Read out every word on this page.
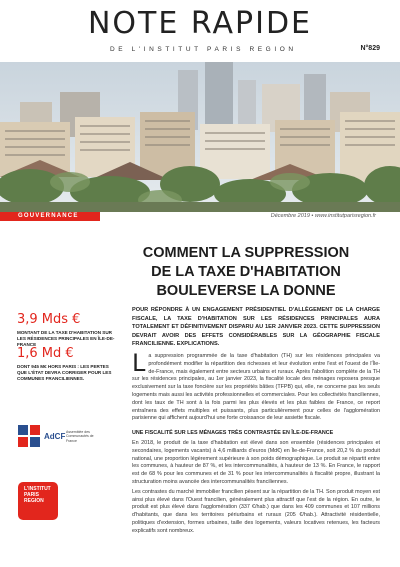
NOTE RAPIDE
DE L'INSTITUT PARIS REGION	N°829
GOUVERNANCE	Décembre 2019 • www.institutparisregion.fr
3,9 Mds €
MONTANT DE LA TAXE D'HABITATION SUR LES RÉSIDENCES PRINCIPALES EN ÎLE-DE-FRANCE
1,6 Md €
DONT 945 M€ HORS PARIS : LES PERTES QUE L'ÉTAT DEVRA CORRIGER POUR LES COMMUNES FRANCILIENNES.
COMMENT LA SUPPRESSION
DE LA TAXE D'HABITATION
BOULEVERSE LA DONNE
POUR RÉPONDRE À UN ENGAGEMENT PRÉSIDENTIEL D'ALLÈGEMENT DE LA CHARGE FISCALE, LA TAXE D'HABITATION SUR LES RÉSIDENCES PRINCIPALES AURA TOTALEMENT ET DÉFINITIVEMENT DISPARU AU 1ER JANVIER 2023. CETTE SUPPRESSION DEVRAIT AVOIR DES EFFETS CONSIDÉRABLES SUR LA GÉOGRAPHIE FISCALE FRANCILIENNE. EXPLICATIONS.
La suppression programmée de la taxe d'habitation (TH) sur les résidences principales va profondément modifier la répartition des richesses et leur évolution entre l'est et l'ouest de l'Île-de-France, mais également entre secteurs urbains et ruraux. Après l'abolition complète de la TH sur les résidences principales, au 1er janvier 2023, la fiscalité locale des ménages reposera presque exclusivement sur la taxe foncière sur les propriétés bâties (TFPB) qui, elle, ne concerne pas les seuls logements mais aussi les activités professionnelles et commerciales. Pour les collectivités franciliennes, dont les taux de TH sont à la fois parmi les plus élevés et les plus faibles de France, ce report entraînera des effets multiples et puissants, plus particulièrement pour celles de l'agglomération parisienne qui affichent aujourd'hui une forte croissance de leur assiette fiscale.
UNE FISCALITÉ SUR LES MÉNAGES TRÈS CONTRASTÉE EN ÎLE-DE-FRANCE
En 2018, le produit de la taxe d'habitation est élevé dans son ensemble (résidences principales et secondaires, logements vacants) à 4,6 milliards d'euros (Md€) en Île-de-France, soit 20,2 % du produit national, une proportion légèrement supérieure à son poids démographique. Le produit se répartit entre les communes, à hauteur de 87 %, et les intercommunalités, à hauteur de 13 %. En France, le rapport est de 68 % pour les communes et de 31 % pour les intercommunalités à fiscalité propre, illustrant la structuration moins avancée des intercommunalités franciliennes.
Les contrastes du marché immobilier francilien pèsent sur la répartition de la TH. Son produit moyen est ainsi plus élevé dans l'Ouest francilien, généralement plus attractif que l'est de la région. En outre, le produit est plus élevé dans l'agglomération (337 €/hab.) que dans les 409 communes et 107 millions d'habitants, que dans les territoires périurbains et ruraux (205 €/hab.). Attractivité résidentielle, politiques d'extension, formes urbaines, taille des logements, valeurs locatives retenues, les facteurs explicatifs sont nombreux.
AdCF Assemblée des Communautés de France
L'INSTITUT
PARIS
REGION
